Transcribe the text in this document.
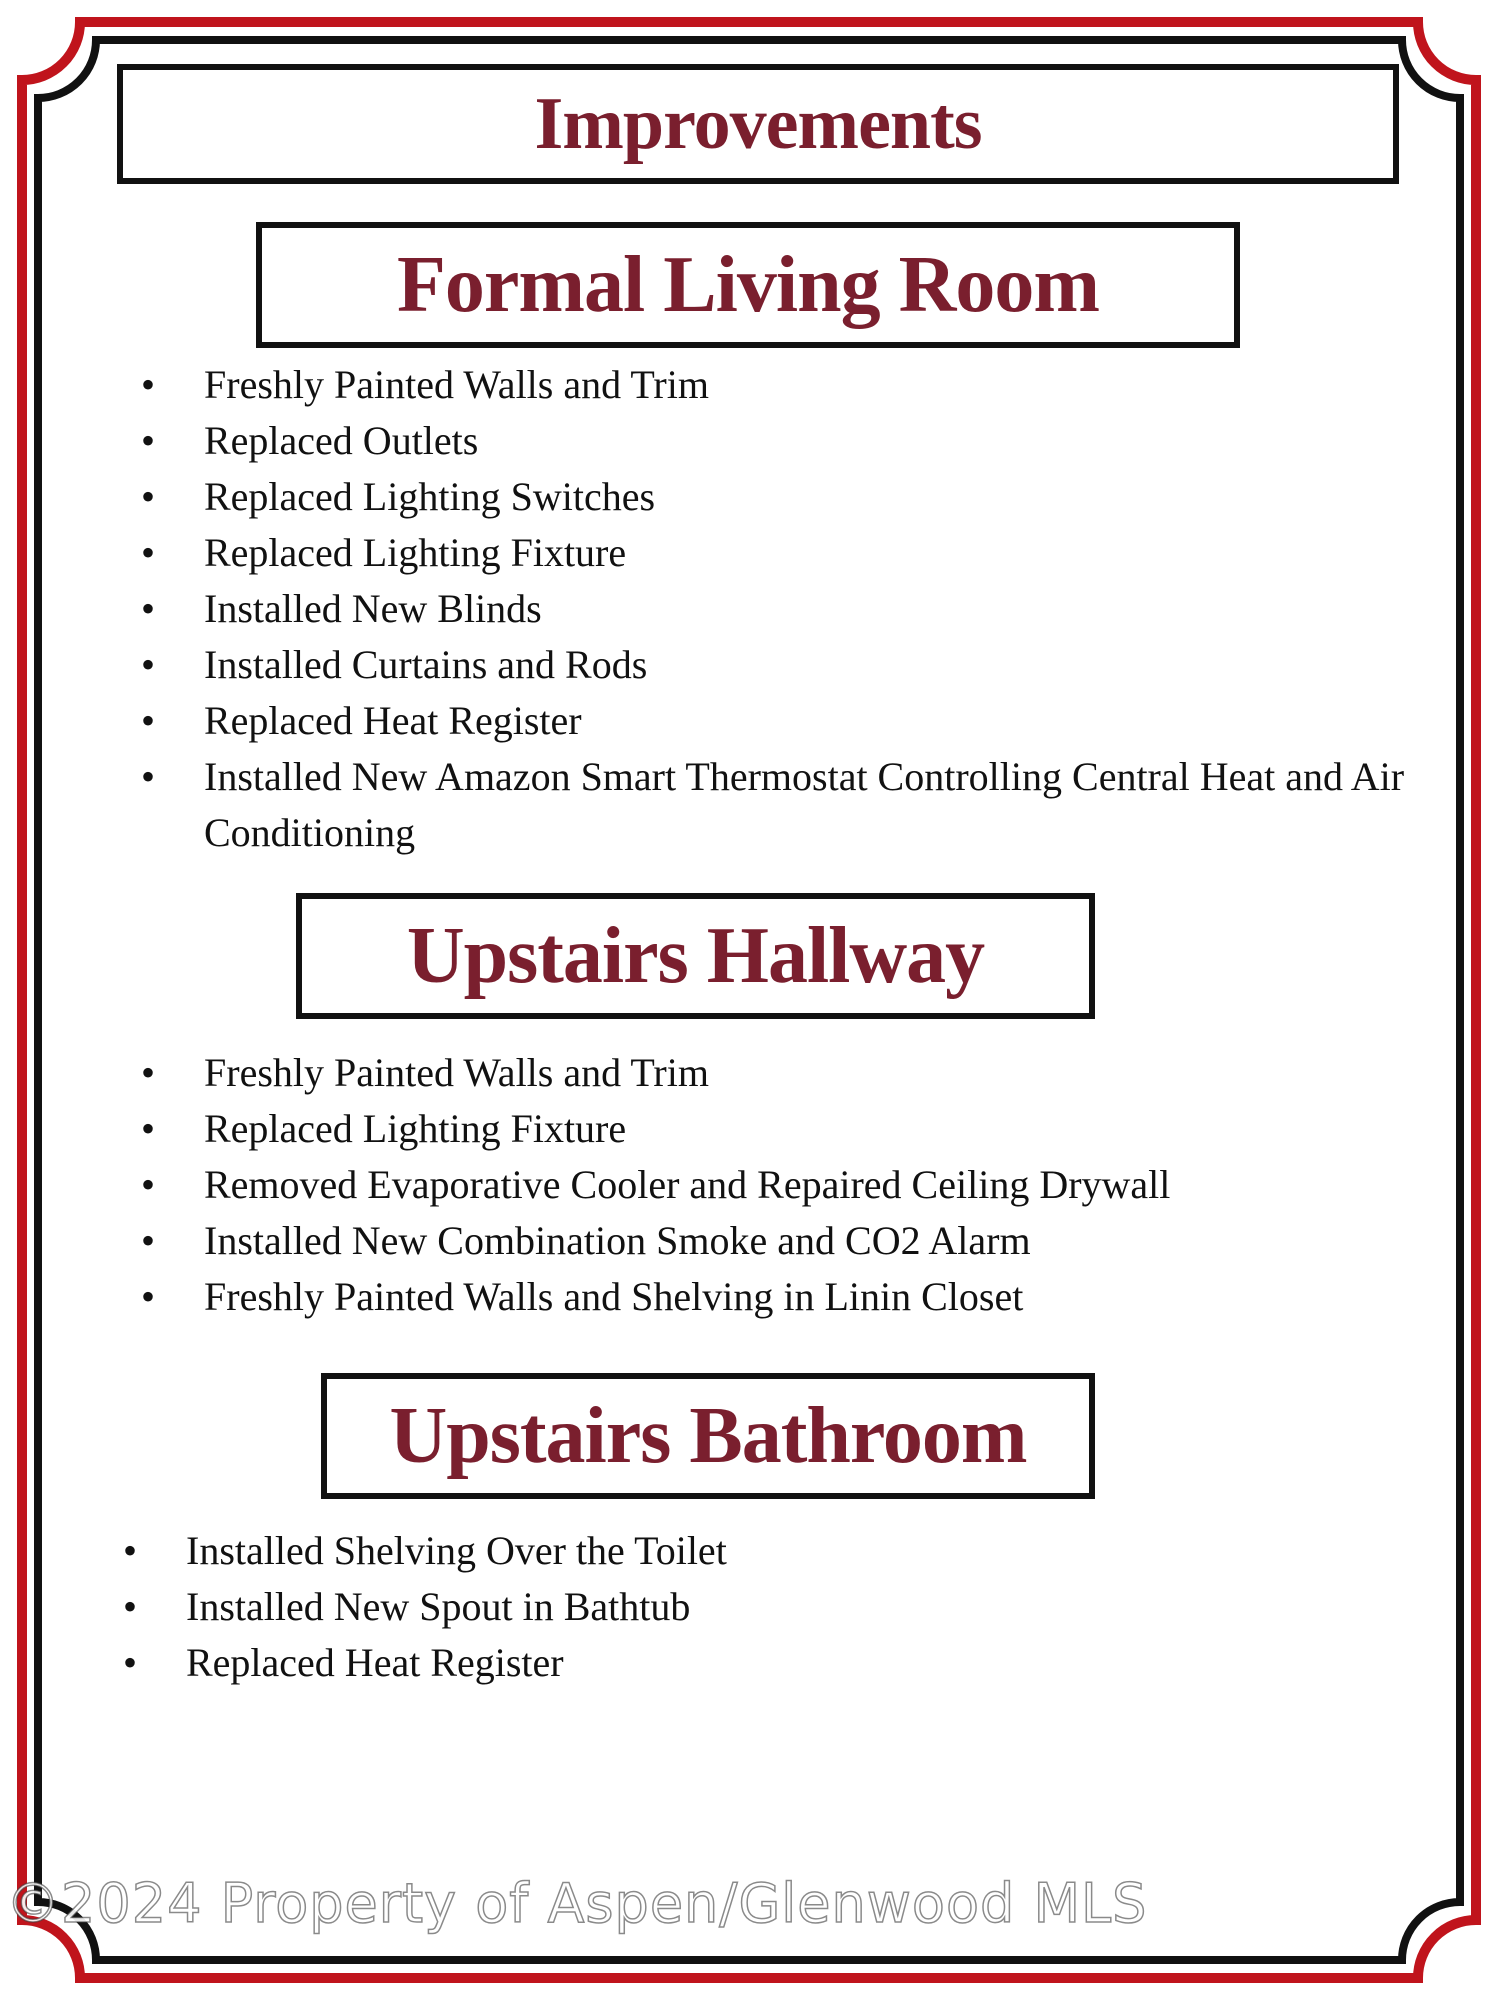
Improvements
Formal Living Room
• Freshly Painted Walls and Trim
• Replaced Outlets
• Replaced Lighting Switches
• Replaced Lighting Fixture
• Installed New Blinds
• Installed Curtains and Rods
• Replaced Heat Register
• Installed New Amazon Smart Thermostat Controlling Central Heat and Air Conditioning
Upstairs Hallway
• Freshly Painted Walls and Trim
• Replaced Lighting Fixture
• Removed Evaporative Cooler and Repaired Ceiling Drywall
• Installed New Combination Smoke and CO2 Alarm
• Freshly Painted Walls and Shelving in Linin Closet
Upstairs Bathroom
• Installed Shelving Over the Toilet
• Installed New Spout in Bathtub
• Replaced Heat Register
©2024 Property of Aspen/Glenwood MLS
